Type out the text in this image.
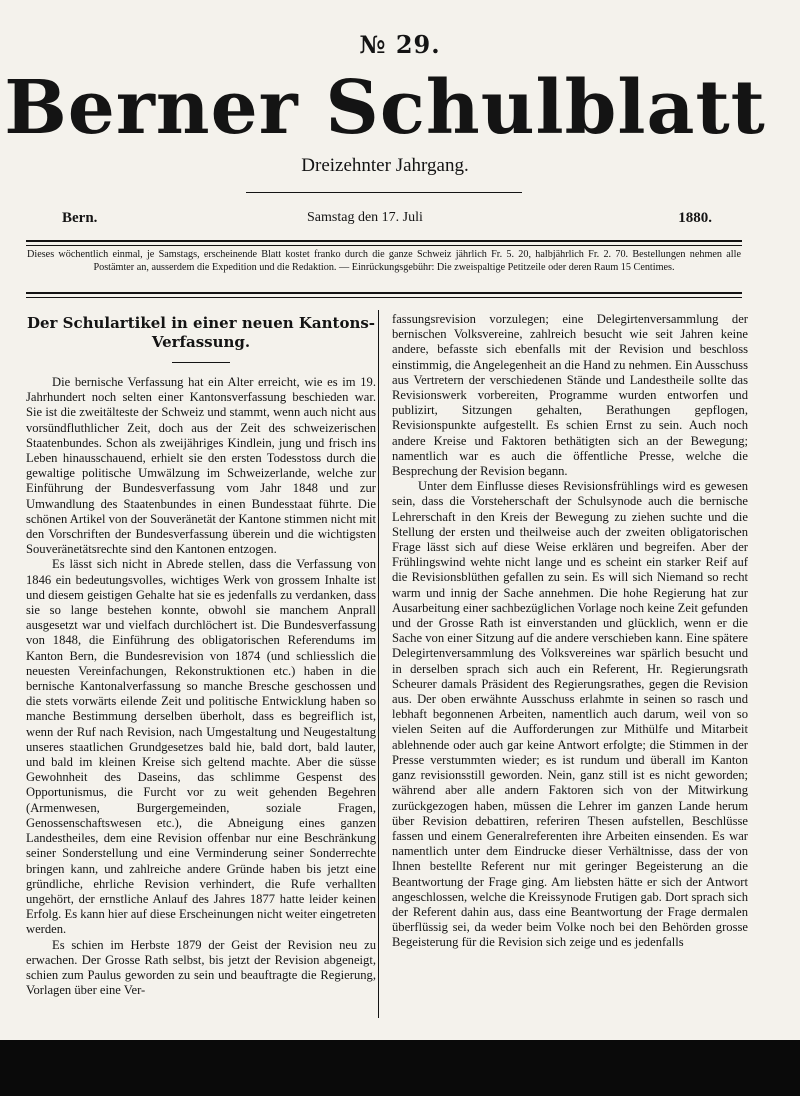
№ 29.
Berner Schulblatt
Dreizehnter Jahrgang.
Bern.	Samstag den 17. Juli	1880.
Dieses wöchentlich einmal, je Samstags, erscheinende Blatt kostet franko durch die ganze Schweiz jährlich Fr. 5. 20, halbjährlich Fr. 2. 70. Bestellungen nehmen alle Postämter an, ausserdem die Expedition und die Redaktion. — Einrückungsgebühr: Die zweispaltige Petitzeile oder deren Raum 15 Centimes.
Der Schulartikel in einer neuen Kantons-Verfassung.

Die bernische Verfassung hat ein Alter erreicht, wie es im 19. Jahrhundert noch selten einer Kantonsverfassung beschieden war. Sie ist die zweitälteste der Schweiz und stammt, wenn auch nicht aus vorsündfluthlicher Zeit, doch aus der Zeit des schweizerischen Staatenbundes. Schon als zweijähriges Kindlein, jung und frisch ins Leben hinausschauend, erhielt sie den ersten Todesstoss durch die gewaltige politische Umwälzung im Schweizerlande, welche zur Einführung der Bundesverfassung vom Jahr 1848 und zur Umwandlung des Staatenbundes in einen Bundesstaat führte. Die schönen Artikel von der Souveränetät der Kantone stimmen nicht mit den Vorschriften der Bundesverfassung überein und die wichtigsten Souveränetätsrechte sind den Kantonen entzogen.

Es lässt sich nicht in Abrede stellen, dass die Verfassung von 1846 ein bedeutungsvolles, wichtiges Werk von grossem Inhalte ist und diesem geistigen Gehalte hat sie es jedenfalls zu verdanken, dass sie so lange bestehen konnte, obwohl sie manchem Anprall ausgesetzt war und vielfach durchlöchert ist. Die Bundesverfassung von 1848, die Einführung des obligatorischen Referendums im Kanton Bern, die Bundesrevision von 1874 (und schliesslich die neuesten Vereinfachungen, Rekonstruktionen etc.) haben in die bernische Kantonalverfassung so manche Bresche geschossen und die stets vorwärts eilende Zeit und politische Entwicklung haben so manche Bestimmung derselben überholt, dass es begreiflich ist, wenn der Ruf nach Revision, nach Umgestaltung und Neugestaltung unseres staatlichen Grundgesetzes bald hie, bald dort, bald lauter, und bald im kleinen Kreise sich geltend machte. Aber die süsse Gewohnheit des Daseins, das schlimme Gespenst des Opportunismus, die Furcht vor zu weit gehenden Begehren (Armenwesen, Burgergemeinden, soziale Fragen, Genossenschaftswesen etc.), die Abneigung eines ganzen Landestheiles, dem eine Revision offenbar nur eine Beschränkung seiner Sonderstellung und eine Verminderung seiner Sonderrechte bringen kann, und zahlreiche andere Gründe haben bis jetzt eine gründliche, ehrliche Revision verhindert, die Rufe verhallten ungehört, der ernstliche Anlauf des Jahres 1877 hatte leider keinen Erfolg. Es kann hier auf diese Erscheinungen nicht weiter eingetreten werden.

Es schien im Herbste 1879 der Geist der Revision neu zu erwachen. Der Grosse Rath selbst, bis jetzt der Revision abgeneigt, schien zum Paulus geworden zu sein und beauftragte die Regierung, Vorlagen über eine Ver-

fassungsrevision vorzulegen; eine Delegirtenversammlung der bernischen Volksvereine, zahlreich besucht wie seit Jahren keine andere, befasste sich ebenfalls mit der Revision und beschloss einstimmig, die Angelegenheit an die Hand zu nehmen. Ein Ausschuss aus Vertretern der verschiedenen Stände und Landestheile sollte das Revisionswerk vorbereiten, Programme wurden entworfen und publizirt, Sitzungen gehalten, Berathungen gepflogen, Revisionspunkte aufgestellt. Es schien Ernst zu sein. Auch noch andere Kreise und Faktoren bethätigten sich an der Bewegung; namentlich war es auch die öffentliche Presse, welche die Besprechung der Revision begann.

Unter dem Einflusse dieses Revisionsfrühlings wird es gewesen sein, dass die Vorsteherschaft der Schulsynode auch die bernische Lehrerschaft in den Kreis der Bewegung zu ziehen suchte und die Stellung der ersten und theilweise auch der zweiten obligatorischen Frage lässt sich auf diese Weise erklären und begreifen. Aber der Frühlingswind wehte nicht lange und es scheint ein starker Reif auf die Revisionsblüthen gefallen zu sein. Es will sich Niemand so recht warm und innig der Sache annehmen. Die hohe Regierung hat zur Ausarbeitung einer sachbezüglichen Vorlage noch keine Zeit gefunden und der Grosse Rath ist einverstanden und glücklich, wenn er die Sache von einer Sitzung auf die andere verschieben kann. Eine spätere Delegirtenversammlung des Volksvereines war spärlich besucht und in derselben sprach sich auch ein Referent, Hr. Regierungsrath Scheurer damals Präsident des Regierungsrathes, gegen die Revision aus. Der oben erwähnte Ausschuss erlahmte in seinen so rasch und lebhaft begonnenen Arbeiten, namentlich auch darum, weil von so vielen Seiten auf die Aufforderungen zur Mithülfe und Mitarbeit ablehnende oder auch gar keine Antwort erfolgte; die Stimmen in der Presse verstummten wieder; es ist rundum und überall im Kanton ganz revisionsstill geworden. Nein, ganz still ist es nicht geworden; während aber alle andern Faktoren sich von der Mitwirkung zurückgezogen haben, müssen die Lehrer im ganzen Lande herum über Revision debattiren, referiren Thesen aufstellen, Beschlüsse fassen und einem Generalreferenten ihre Arbeiten einsenden. Es war namentlich unter dem Eindrucke dieser Verhältnisse, dass der von Ihnen bestellte Referent nur mit geringer Begeisterung an die Beantwortung der Frage ging. Am liebsten hätte er sich der Antwort angeschlossen, welche die Kreissynode Frutigen gab. Dort sprach sich der Referent dahin aus, dass eine Beantwortung der Frage dermalen überflüssig sei, da weder beim Volke noch bei den Behörden grosse Begeisterung für die Revision sich zeige und es jedenfalls
